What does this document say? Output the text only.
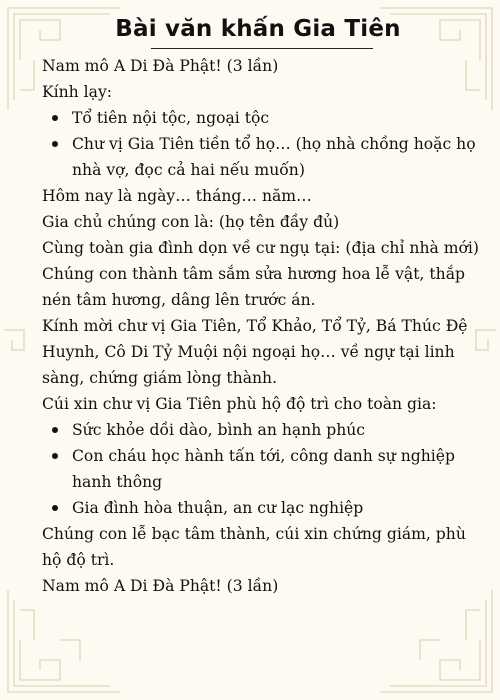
Bài văn khấn Gia Tiên

Nam mô A Di Đà Phật! (3 lần)

Kính lạy:

Tổ tiên nội tộc, ngoại tộc
Chư vị Gia Tiên tiền tổ họ… (họ nhà chồng hoặc họ nhà vợ, đọc cả hai nếu muốn)

Hôm nay là ngày… tháng… năm…

Gia chủ chúng con là: (họ tên đầy đủ)

Cùng toàn gia đình dọn về cư ngụ tại: (địa chỉ nhà mới)

Chúng con thành tâm sắm sửa hương hoa lễ vật, thắp nén tâm hương, dâng lên trước án.

Kính mời chư vị Gia Tiên, Tổ Khảo, Tổ Tỷ, Bá Thúc Đệ Huynh, Cô Di Tỷ Muội nội ngoại họ… về ngự tại linh sàng, chứng giám lòng thành.

Cúi xin chư vị Gia Tiên phù hộ độ trì cho toàn gia:

Sức khỏe dồi dào, bình an hạnh phúc
Con cháu học hành tấn tới, công danh sự nghiệp hanh thông
Gia đình hòa thuận, an cư lạc nghiệp

Chúng con lễ bạc tâm thành, cúi xin chứng giám, phù hộ độ trì.

Nam mô A Di Đà Phật! (3 lần)
